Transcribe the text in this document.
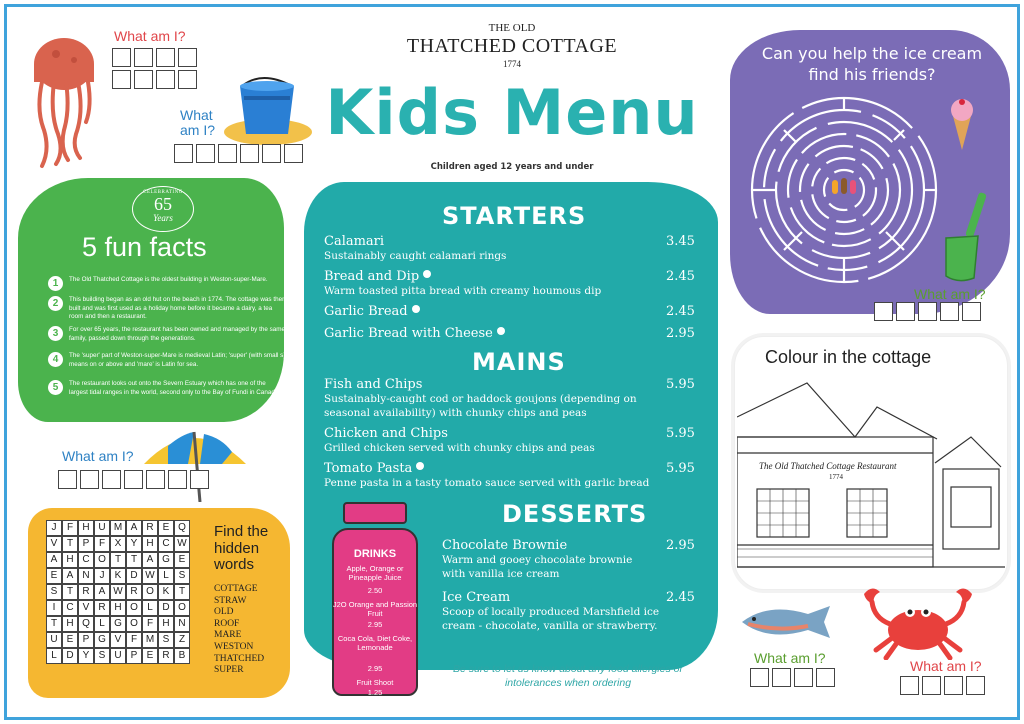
THE OLD
THATCHED COTTAGE
1774
Kids Menu
Children aged 12 years and under
What am I?
What am I?
CELEBRATING
65
Years
5 fun facts
1	The Old Thatched Cottage is the oldest building in Weston-super-Mare.
2	This building began as an old hut on the beach in 1774. The cottage was then built and was first used as a holiday home before it became a dairy, a tea room and then a restaurant.
3	For over 65 years, the restaurant has been owned and managed by the same family, passed down through the generations.
4	The 'super' part of Weston-super-Mare is medieval Latin; 'super' (with small s) means on or above and 'mare' is Latin for sea.
5	The restaurant looks out onto the Severn Estuary which has one of the largest tidal ranges in the world, second only to the Bay of Fundi in Canada.
What am I?
J	F H U M A R E Q
V T P F X Y H C W
A H C O T T A G E
E A N J	K D W L S
S T R A W R O K T
I	C V R H O L D O
T H Q L G O F H N
U E P G V F M S Z
L D Y S U P E R B
Find the hidden words
COTTAGE
STRAW
OLD
ROOF
MARE
WESTON
THATCHED
SUPER
STARTERS
Calamari
Sustainably caught calamari rings
3.45
Bread and Dip
Warm toasted pitta bread with creamy houmous dip
2.45
Garlic Bread	2.45
Garlic Bread with Cheese	2.95
MAINS
Fish and Chips
Sustainably-caught cod or haddock goujons (depending on seasonal availability) with chunky chips and peas
5.95
Chicken and Chips
Grilled chicken served with chunky chips and peas
5.95
Tomato Pasta
Penne pasta in a tasty tomato sauce served with garlic bread
5.95
DESSERTS
Chocolate Brownie
Warm and gooey chocolate brownie with vanilla ice cream
2.95
Ice Cream
Scoop of locally produced Marshfield ice cream - chocolate, vanilla or strawberry.
2.45
DRINKS
Apple, Orange or Pineapple Juice
2.50
J2O Orange and Passion Fruit
2.95
Coca Cola, Diet Coke, Lemonade
2.95
Fruit Shoot
1.25
Be sure to let us know about any food allergies or intolerances when ordering
Can you help the ice cream find his friends?
What am I?
Colour in the cottage
The Old Thatched Cottage Restaurant
1774
What am I?	What am I?
